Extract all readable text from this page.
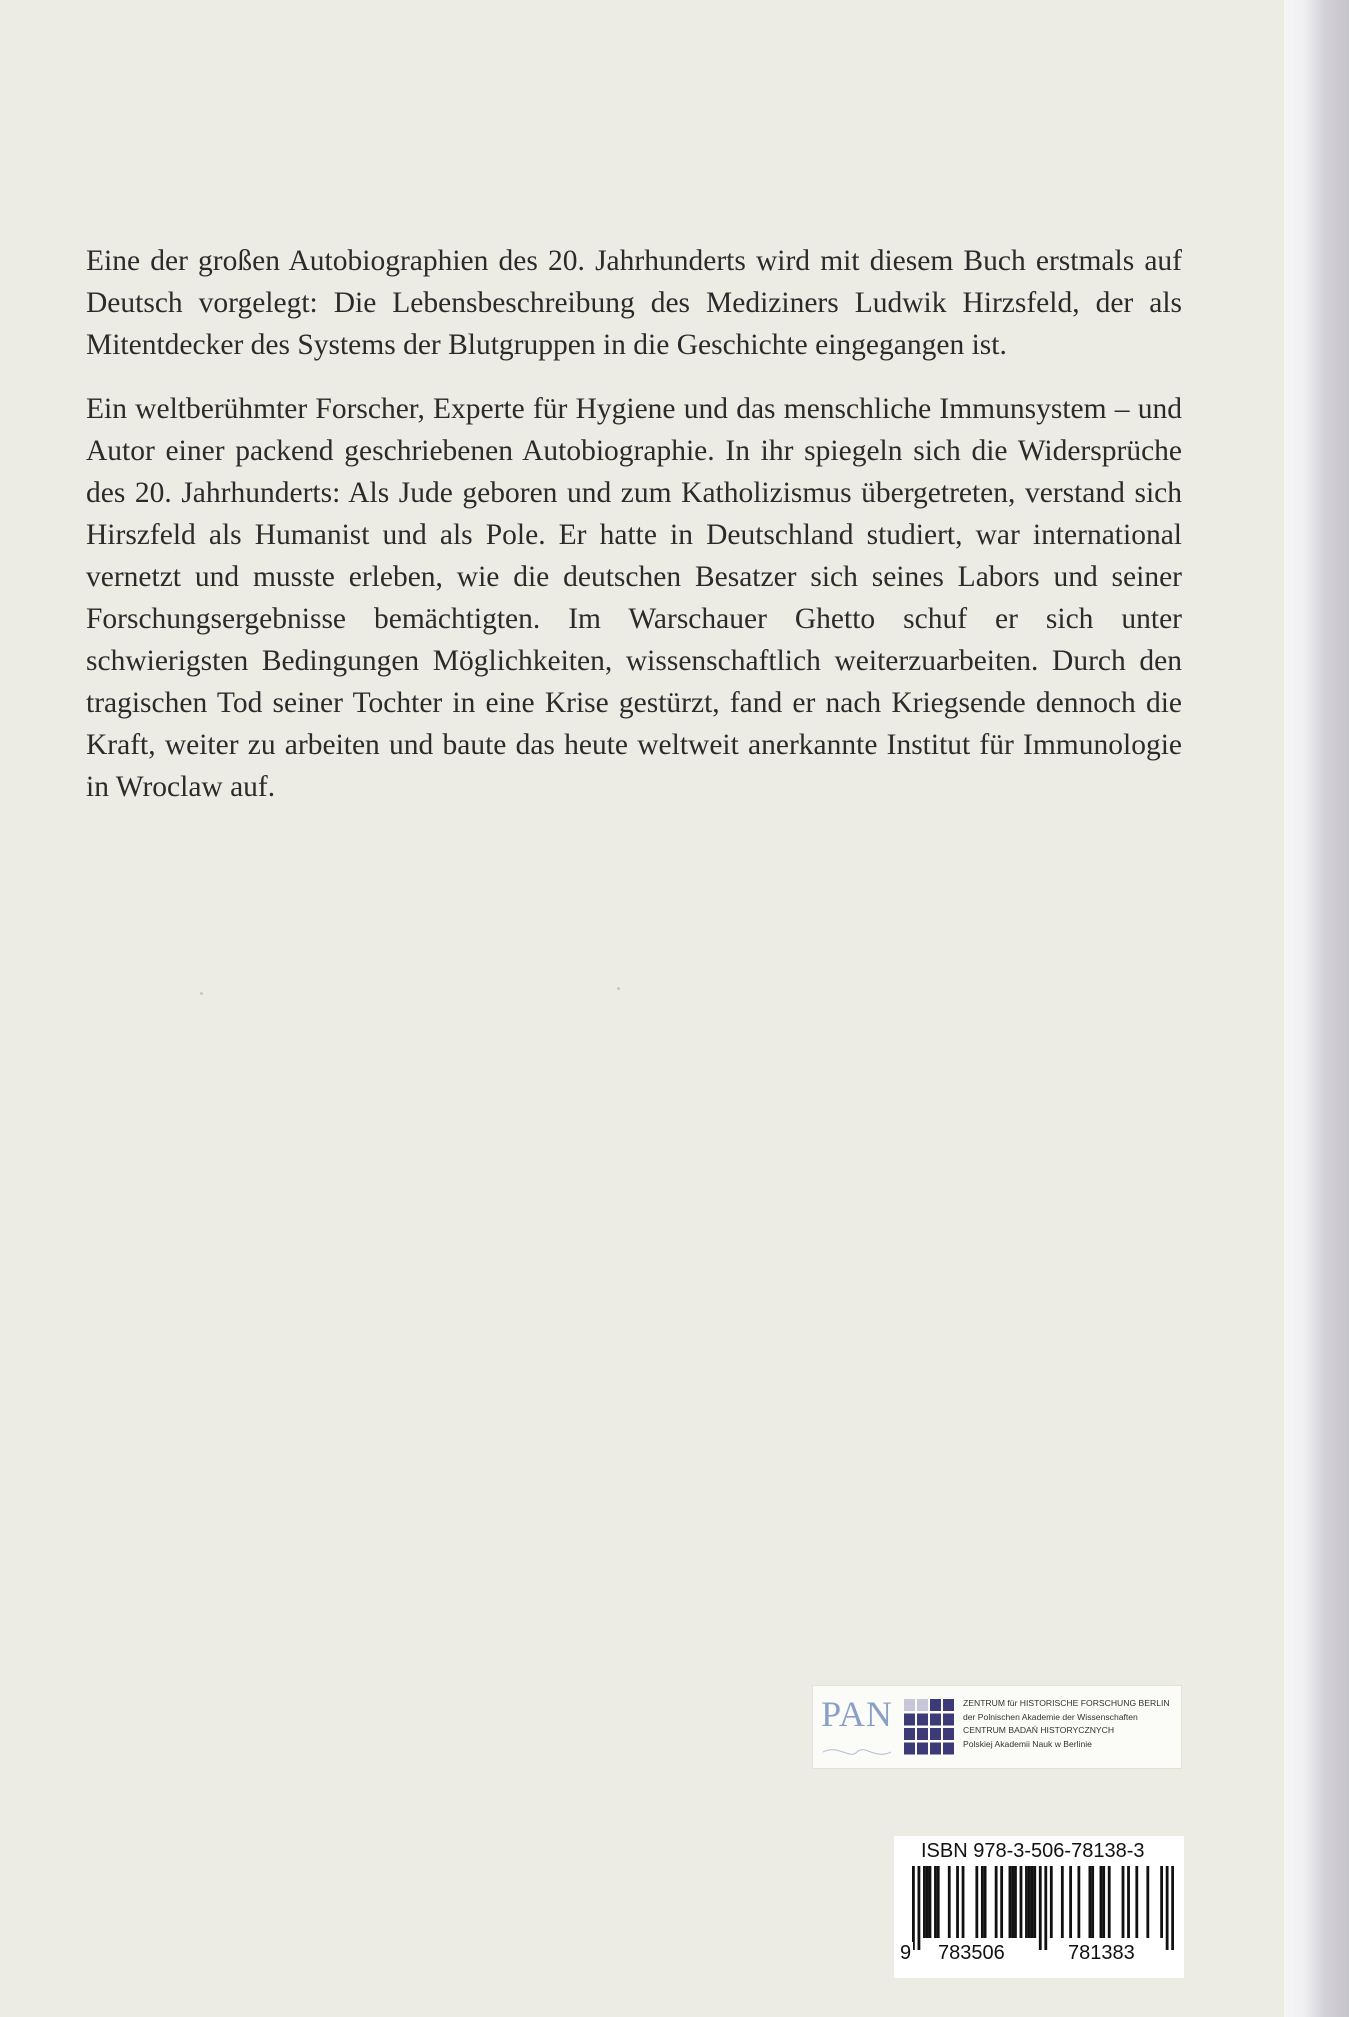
Eine der großen Autobiographien des 20. Jahrhunderts wird mit diesem Buch erstmals auf Deutsch vorgelegt: Die Lebensbeschreibung des Mediziners Ludwik Hirzsfeld, der als Mitentdecker des Systems der Blutgruppen in die Geschichte eingegangen ist.

Ein weltberühmter Forscher, Experte für Hygiene und das menschliche Immunsystem – und Autor einer packend geschriebenen Autobiographie. In ihr spiegeln sich die Widersprüche des 20. Jahrhunderts: Als Jude geboren und zum Katholizismus übergetreten, verstand sich Hirszfeld als Humanist und als Pole. Er hatte in Deutschland studiert, war international vernetzt und musste erleben, wie die deutschen Besatzer sich seines Labors und seiner Forschungsergebnisse bemächtigten. Im Warschauer Ghetto schuf er sich unter schwierigsten Bedingungen Möglichkeiten, wissenschaftlich weiterzuarbeiten. Durch den tragischen Tod seiner Tochter in eine Krise gestürzt, fand er nach Kriegsende dennoch die Kraft, weiter zu arbeiten und baute das heute weltweit anerkannte Institut für Immunologie in Wroclaw auf.

PAN	ZENTRUM für HISTORISCHE FORSCHUNG BERLIN
der Polnischen Akademie der Wissenschaften
CENTRUM BADAŃ HISTORYCZNYCH
Polskiej Akademii Nauk w Berlinie
ISBN 978-3-506-78138-3
9 783506	781383
